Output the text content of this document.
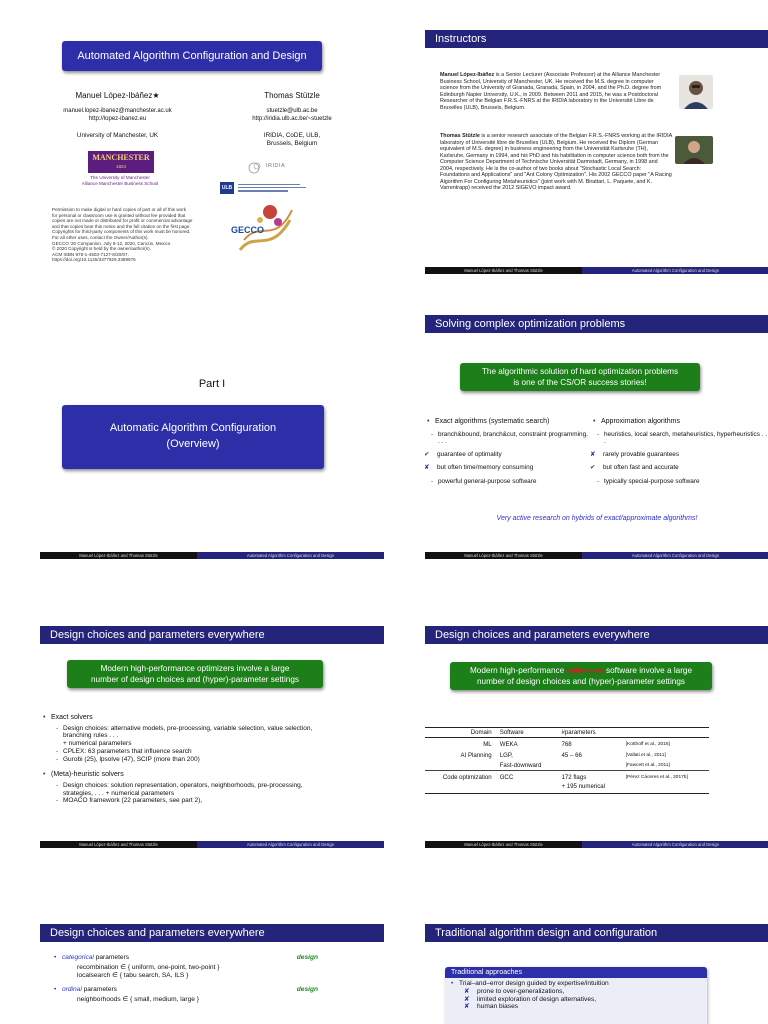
Automated Algorithm Configuration and Design
Manuel López-Ibáñez★
manuel.lopez-ibanez@manchester.ac.uk
http://lopez-ibanez.eu
University of Manchester, UK
Thomas Stützle
stuetzle@ulb.ac.be
http://iridia.ulb.ac.be/~stuetzle
IRIDIA, CoDE, ULB,
Brussels, Belgium
MANCHESTER
1824
The University of Manchester
Alliance Manchester Business School
IRIDIA
ULB
GECCO
Permission to make digital or hard copies of part or all of this work
for personal or classroom use is granted without fee provided that
copies are not made or distributed for profit or commercial advantage
and that copies bear this notice and the full citation on the first page.
Copyrights for third-party components of this work must be honored.
For all other uses, contact the Owner/Author(s).
GECCO '20 Companion, July 8-12, 2020, Cancún, Mexico
© 2020 Copyright is held by the owner/author(s).
ACM ISBN 978-1-4503-7127-8/20/07.
https://doi.org/10.1145/3377929.3389975
Instructors
Manuel López-Ibáñez is a Senior Lecturer (Associate Professor) at the Alliance Manchester Business School, University of Manchester, UK. He received the M.S. degree in computer science from the University of Granada, Granada, Spain, in 2004, and the Ph.D. degree from Edinburgh Napier University, U.K., in 2009. Between 2011 and 2015, he was a Postdoctoral Researcher of the Belgian F.R.S.-FNRS at the IRIDIA laboratory in the Université Libre de Bruxelles (ULB), Brussels, Belgium.
Thomas Stützle is a senior research associate of the Belgian F.R.S.-FNRS working at the IRIDIA laboratory of Université libre de Bruxelles (ULB), Belgium. He received the Diplom (German equivalent of M.S. degree) in business engineering from the Universität Karlsruhe (TH), Karlsruhe, Germany in 1994, and his PhD and his habilitation in computer science both from the Computer Science Department of Technische Universität Darmstadt, Germany, in 1998 and 2004, respectively. He is the co-author of two books about "Stochastic Local Search: Foundations and Applications" and "Ant Colony Optimization". His 2002 GECCO paper "A Racing Algorithm For Configuring Metaheuristics" (joint work with M. Birattari, L. Paquete, and K. Varrentrapp) received the 2012 SIGEVO impact award.
Manuel López-Ibáñez and Thomas Stützle	Automated Algorithm Configuration and Design
Part I
Automatic Algorithm Configuration
(Overview)
Manuel López-Ibáñez and Thomas Stützle	Automated Algorithm Configuration and Design
Solving complex optimization problems
The algorithmic solution of hard optimization problems
is one of the CS/OR success stories!
• Exact algorithms (systematic search)
- branch&bound, branch&cut, constraint programming, . . .
✔ guarantee of optimality
✘ but often time/memory consuming
- powerful general-purpose software
• Approximation algorithms
- heuristics, local search, metaheuristics, hyperheuristics . . .
✘ rarely provable guarantees
✔ but often fast and accurate
- typically special-purpose software
Very active research on hybrids of exact/approximate algorithms!
Manuel López-Ibáñez and Thomas Stützle	Automated Algorithm Configuration and Design
Design choices and parameters everywhere
Modern high-performance optimizers involve a large
number of design choices and (hyper)-parameter settings
• Exact solvers
- Design choices: alternative models, pre-processing, variable selection, value selection, branching rules . . .
+ numerical parameters
- CPLEX: 63 parameters that influence search
- Gurobi (25), lpsolve (47), SCIP (more than 200)
• (Meta)-heuristic solvers
- Design choices: solution representation, operators, neighborhoods, pre-processing, strategies, . . . + numerical parameters
- MOACO framework (22 parameters, see part 2),
Manuel López-Ibáñez and Thomas Stützle	Automated Algorithm Configuration and Design
Design choices and parameters everywhere
Modern high-performance optimizers software involve a large
number of design choices and (hyper)-parameter settings
Domain	Software	#parameters	
ML	WEKA	768	[Kotthoff et al., 2016]
AI Planning	LGP,	45 – 66	[Vallati et al., 2011]
	Fast-downward		[Fawcett et al., 2011]
Code optimization	GCC	172 flags	[Pérez Cáceres et al., 2017b]
		+ 195 numerical	
Manuel López-Ibáñez and Thomas Stützle	Automated Algorithm Configuration and Design
Design choices and parameters everywhere
• categorical parameters	design
recombination ∈ { uniform, one-point, two-point }
localsearch ∈ { tabu search, SA, ILS }
• ordinal parameters	design
neighborhoods ∈ { small, medium, large }
Traditional algorithm design and configuration
Traditional approaches
• Trial–and–error design guided by expertise/intuition
✘ prone to over-generalizations,
✘ limited exploration of design alternatives,
✘ human biases
